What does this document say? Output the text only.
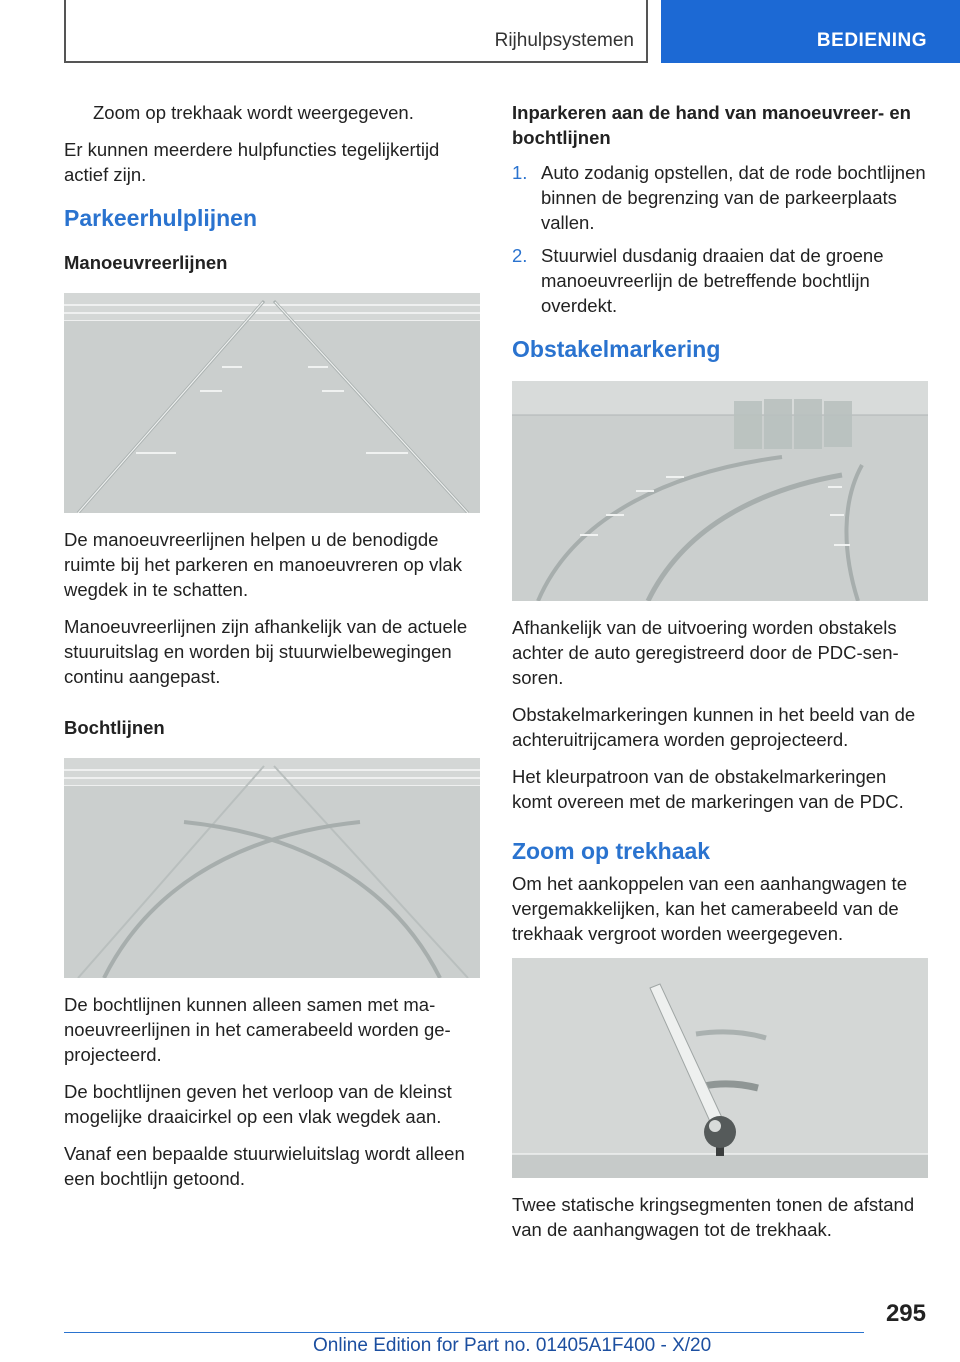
Rijhulpsystemen	BEDIENING

Zoom op trekhaak wordt weergegeven.

Er kunnen meerdere hulpfuncties tegelijkertijd actief zijn.

Parkeerhulplijnen
Manoeuvreerlijnen

De manoeuvreerlijnen helpen u de benodigde ruimte bij het parkeren en manoeuvreren op vlak wegdek in te schatten.

Manoeuvreerlijnen zijn afhankelijk van de actuele stuuruitslag en worden bij stuurwielbewegingen continu aangepast.

Bochtlijnen

De bochtlijnen kunnen alleen samen met manoeuvreerlijnen in het camerabeeld worden geprojecteerd.

De bochtlijnen geven het verloop van de kleinst mogelijke draaicirkel op een vlak wegdek aan.

Vanaf een bepaalde stuurwieluitslag wordt alleen een bochtlijn getoond.

Inparkeren aan de hand van manoeuvreer- en bochtlijnen
1. Auto zodanig opstellen, dat de rode bochtlijnen binnen de begrenzing van de parkeerplaats vallen.
2. Stuurwiel dusdanig draaien dat de groene manoeuvreerlijn de betreffende bochtlijn overdekt.
Obstakelmarkering

Afhankelijk van de uitvoering worden obstakels achter de auto geregistreerd door de PDC-sensoren.

Obstakelmarkeringen kunnen in het beeld van de achteruitrijcamera worden geprojecteerd.

Het kleurpatroon van de obstakelmarkeringen komt overeen met de markeringen van de PDC.

Zoom op trekhaak

Om het aankoppelen van een aanhangwagen te vergemakkelijken, kan het camerabeeld van de trekhaak vergroot worden weergegeven.

Twee statische kringsegmenten tonen de afstand van de aanhangwagen tot de trekhaak.

295
Online Edition for Part no. 01405A1F400 - X/20
